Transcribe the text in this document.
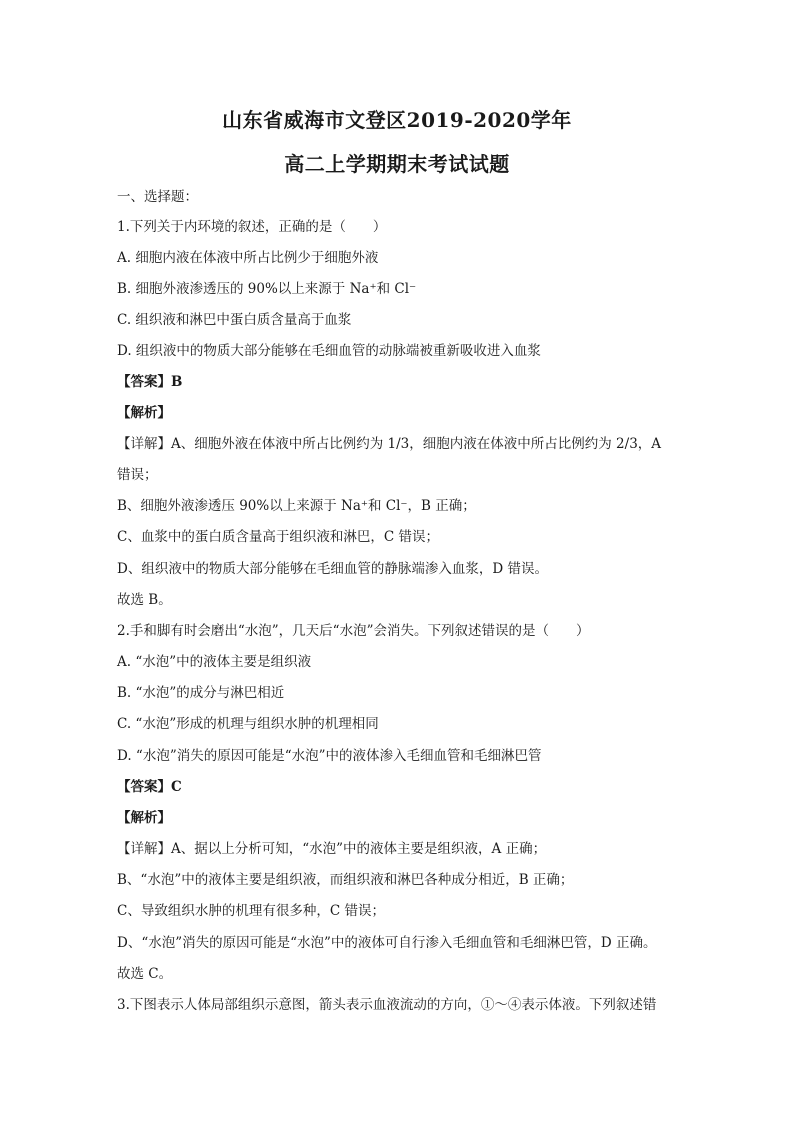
山东省威海市文登区2019-2020学年
高二上学期期末考试试题
一、选择题：
1.下列关于内环境的叙述，正确的是（　　）
A. 细胞内液在体液中所占比例少于细胞外液
B. 细胞外液渗透压的 90%以上来源于 Na⁺和 Cl⁻
C. 组织液和淋巴中蛋白质含量高于血浆
D. 组织液中的物质大部分能够在毛细血管的动脉端被重新吸收进入血浆
【答案】B
【解析】
【详解】A、细胞外液在体液中所占比例约为 1/3，细胞内液在体液中所占比例约为 2/3，A
错误；
B、细胞外液渗透压 90%以上来源于 Na⁺和 Cl⁻，B 正确；
C、血浆中的蛋白质含量高于组织液和淋巴，C 错误；
D、组织液中的物质大部分能够在毛细血管的静脉端渗入血浆，D 错误。
故选 B。
2.手和脚有时会磨出“水泡”，几天后“水泡”会消失。下列叙述错误的是（　　）
A. “水泡”中的液体主要是组织液
B. “水泡”的成分与淋巴相近
C. “水泡”形成的机理与组织水肿的机理相同
D. “水泡”消失的原因可能是“水泡”中的液体渗入毛细血管和毛细淋巴管
【答案】C
【解析】
【详解】A、据以上分析可知，“水泡”中的液体主要是组织液，A 正确；
B、“水泡”中的液体主要是组织液，而组织液和淋巴各种成分相近，B 正确；
C、导致组织水肿的机理有很多种，C 错误；
D、“水泡”消失的原因可能是“水泡”中的液体可自行渗入毛细血管和毛细淋巴管，D 正确。
故选 C。
3.下图表示人体局部组织示意图，箭头表示血液流动的方向，①～④表示体液。下列叙述错
